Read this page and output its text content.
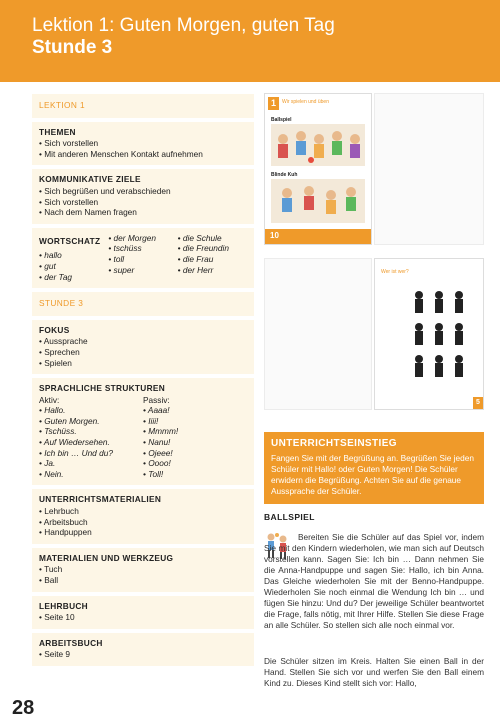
Lektion 1: Guten Morgen, guten Tag
Stunde 3
LEKTION 1
THEMEN
• Sich vorstellen
• Mit anderen Menschen Kontakt aufnehmen
KOMMUNIKATIVE ZIELE
• Sich begrüßen und verabschieden
• Sich vorstellen
• Nach dem Namen fragen
WORTSCHATZ
• hallo
• gut
• der Tag
• der Morgen
• tschüss
• toll
• super
• die Schule
• die Freundin
• die Frau
• der Herr
STUNDE 3
FOKUS
• Aussprache
• Sprechen
• Spielen
SPRACHLICHE STRUKTUREN
Aktiv:
• Hallo.
• Guten Morgen.
• Tschüss.
• Auf Wiedersehen.
• Ich bin … Und du?
• Ja.
• Nein.
Passiv:
• Aaaa!
• Iiii!
• Mmmm!
• Nanu!
• Ojeee!
• Oooo!
• Toll!
UNTERRICHTSMATERIALIEN
• Lehrbuch
• Arbeitsbuch
• Handpuppen
MATERIALIEN UND WERKZEUG
• Tuch
• Ball
LEHRBUCH
• Seite 10
ARBEITSBUCH
• Seite 9
28
1	Wir spielen und üben
Ballspiel
Blinde Kuh
10
Wer ist wer?
5
UNTERRICHTSEINSTIEG
Fangen Sie mit der Begrüßung an. Begrüßen Sie jeden Schüler mit Hallo! oder Guten Morgen! Die Schüler erwidern die Begrüßung. Achten Sie auf die genaue Aussprache der Schüler.
BALLSPIEL
Bereiten Sie die Schüler auf das Spiel vor, indem Sie mit den Kindern wiederholen, wie man sich auf Deutsch vorstellen kann. Sagen Sie: Ich bin … Dann nehmen Sie die Anna-Handpuppe und sagen Sie: Hallo, ich bin Anna. Das Gleiche wiederholen Sie mit der Benno-Handpuppe. Wiederholen Sie noch einmal die Wendung Ich bin … und fügen Sie hinzu: Und du? Der jeweilige Schüler beantwortet die Frage, falls nötig, mit Ihrer Hilfe. Stellen Sie diese Frage an alle Schüler. So stellen sich alle noch einmal vor.
Die Schüler sitzen im Kreis. Halten Sie einen Ball in der Hand. Stellen Sie sich vor und werfen Sie den Ball einem Kind zu. Dieses Kind stellt sich vor: Hallo,
